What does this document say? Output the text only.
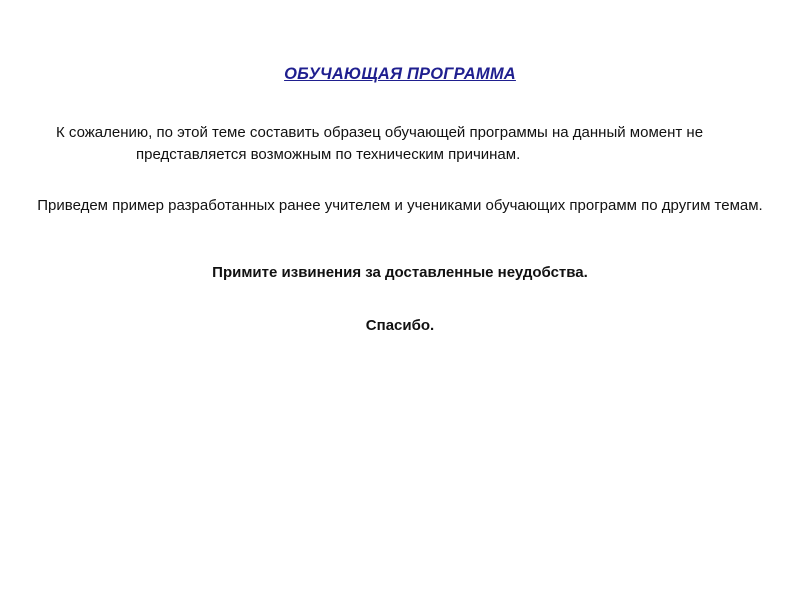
ОБУЧАЮЩАЯ ПРОГРАММА

К сожалению, по этой теме составить образец обучающей программы на данный момент не представляется возможным по техническим причинам.

Приведем пример разработанных ранее учителем и учениками обучающих программ по другим темам.

Примите извинения за доставленные неудобства.

Спасибо.
